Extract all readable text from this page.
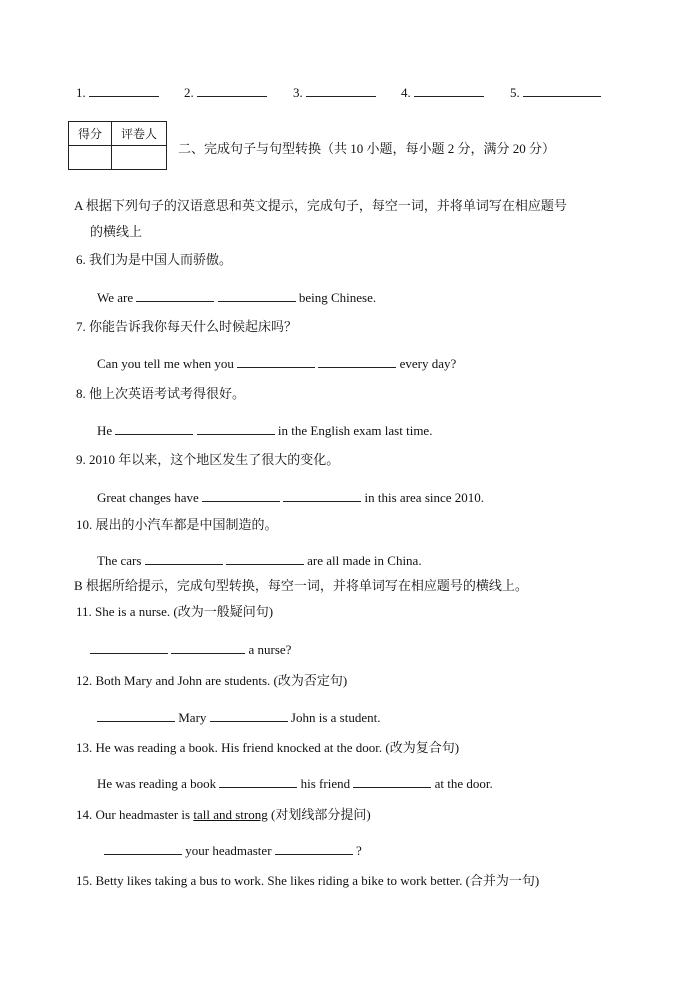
1.	2.	3.	4.	5.
得分	评卷人

二、完成句子与句型转换（共 10 小题，每小题 2 分，满分 20 分）
A 根据下列句子的汉语意思和英文提示，完成句子，每空一词，并将单词写在相应题号
的横线上
6. 我们为是中国人而骄傲。
We are	being Chinese.
7. 你能告诉我你每天什么时候起床吗？
Can you tell me when you	every day?
8. 他上次英语考试考得很好。
He	in the English exam last time.
9. 2010 年以来，这个地区发生了很大的变化。
Great changes have	in this area since 2010.
10. 展出的小汽车都是中国制造的。
The cars	are all made in China.
B 根据所给提示，完成句型转换，每空一词，并将单词写在相应题号的横线上。
11. She is a nurse. (改为一般疑问句)
a nurse?
12. Both Mary and John are students. (改为否定句)
Mary	John is a student.
13. He was reading a book. His friend knocked at the door. (改为复合句)
He was reading a book	his friend	at the door.
14. Our headmaster is tall and strong (对划线部分提问)
your headmaster	?
15. Betty likes taking a bus to work. She likes riding a bike to work better. (合并为一句)
